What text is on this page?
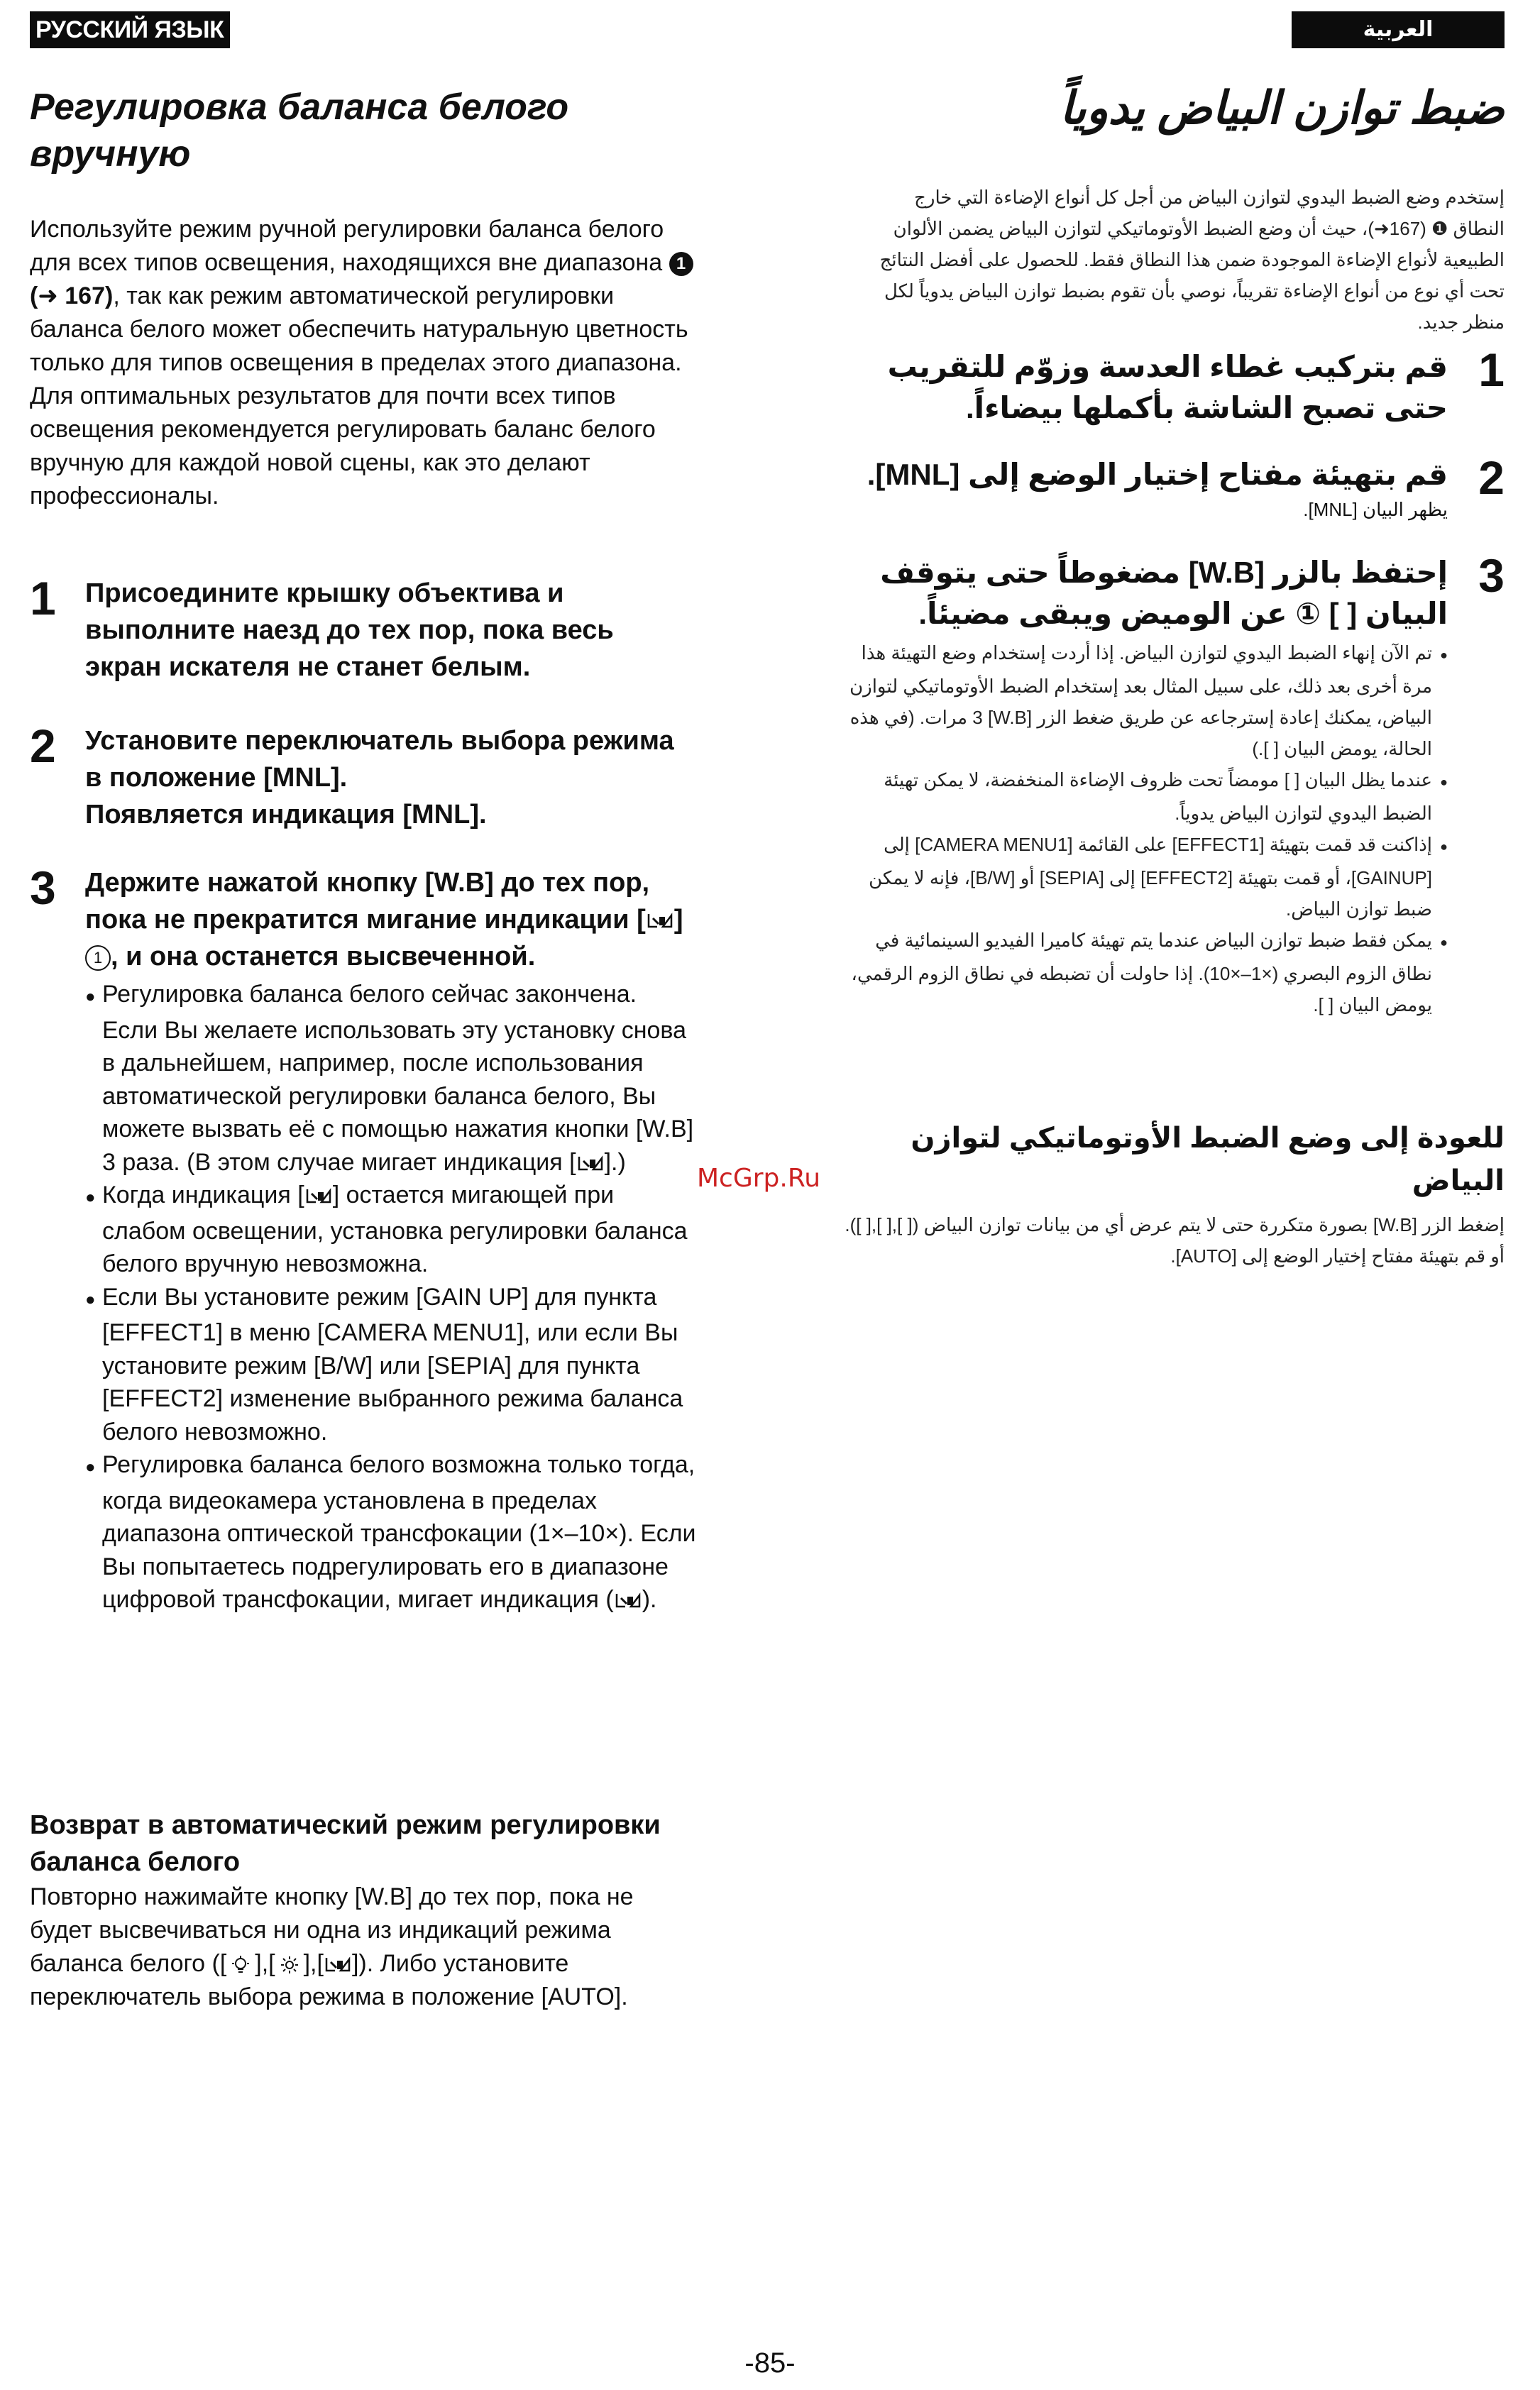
РУССКИЙ ЯЗЫК	العربية
Регулировка баланса белого вручную

Используйте режим ручной регулировки баланса белого для всех типов освещения, находящихся вне диапазона 1 (➜ 167), так как режим автоматической регулировки баланса белого может обеспечить натуральную цветность только для типов освещения в пределах этого диапазона. Для оптимальных результатов для почти всех типов освещения рекомендуется регулировать баланс белого вручную для каждой новой сцены, как это делают профессионалы.

1 Присоедините крышку объектива и выполните наезд до тех пор, пока весь экран искателя не станет белым.
2 Установите переключатель выбора режима в положение [MNL].
Появляется индикация [MNL].
3 Держите нажатой кнопку [W.B] до тех пор, пока не прекратится мигание индикации [ ] 1 , и она останется высвеченной.
● Регулировка баланса белого сейчас закончена. Если Вы желаете использовать эту установку снова в дальнейшем, например, после использования автоматической регулировки баланса белого, Вы можете вызвать её с помощью нажатия кнопки [W.B] 3 раза. (В этом случае мигает индикация [ ].)
● Когда индикация [ ] остается мигающей при слабом освещении, установка регулировки баланса белого вручную невозможна.
● Если Вы установите режим [GAIN UP] для пункта [EFFECT1] в меню [CAMERA MENU1], или если Вы установите режим [B/W] или [SEPIA] для пункта [EFFECT2] изменение выбранного режима баланса белого невозможно.
● Регулировка баланса белого возможна только тогда, когда видеокамера установлена в пределах диапазона оптической трансфокации (1×–10×). Если Вы попытаетесь подрегулировать его в диапазоне цифровой трансфокации, мигает индикация ( ).
Возврат в автоматический режим регулировки баланса белого

Повторно нажимайте кнопку [W.B] до тех пор, пока не будет высвечиваться ни одна из индикаций режима баланса белого ([ ],[ ],[ ]). Либо установите переключатель выбора режима в положение [AUTO].

ضبط توازن البياض يدوياً

إستخدم وضع الضبط اليدوي لتوازن البياض من أجل كل أنواع الإضاءة التي خارج النطاق ❶ (167➜)، حيث أن وضع الضبط الأوتوماتيكي لتوازن البياض يضمن الألوان الطبيعية لأنواع الإضاءة الموجودة ضمن هذا النطاق فقط. للحصول على أفضل النتائج تحت أي نوع من أنواع الإضاءة تقريباً، نوصي بأن تقوم بضبط توازن البياض يدوياً لكل منظر جديد.

1
قم بتركيب غطاء العدسة وزوّم للتقريب حتى تصبح الشاشة بأكملها بيضاءاً.
2
قم بتهيئة مفتاح إختيار الوضع إلى [MNL].
يظهر البيان [MNL].
3
إحتفظ بالزر [W.B] مضغوطاً حتى يتوقف البيان [ ] ① عن الوميض ويبقى مضيئاً.
● تم الآن إنهاء الضبط اليدوي لتوازن البياض. إذا أردت إستخدام وضع التهيئة هذا مرة أخرى بعد ذلك، على سبيل المثال بعد إستخدام الضبط الأوتوماتيكي لتوازن البياض، يمكنك إعادة إسترجاعه عن طريق ضغط الزر [W.B] 3 مرات. (في هذه الحالة، يومض البيان [ ].)
● عندما يظل البيان [ ] مومضاً تحت ظروف الإضاءة المنخفضة، لا يمكن تهيئة الضبط اليدوي لتوازن البياض يدوياً.
● إذاكنت قد قمت بتهيئة [EFFECT1] على القائمة [CAMERA MENU1] إلى [GAINUP]، أو قمت بتهيئة [EFFECT2] إلى [SEPIA] أو [B/W]، فإنه لا يمكن ضبط توازن البياض.
● يمكن فقط ضبط توازن البياض عندما يتم تهيئة كاميرا الفيديو السينمائية في نطاق الزوم البصري (×1–×10). إذا حاولت أن تضبطه في نطاق الزوم الرقمي، يومض البيان [ ].
للعودة إلى وضع الضبط الأوتوماتيكي لتوازن البياض

إضغط الزر [W.B] بصورة متكررة حتى لا يتم عرض أي من بيانات توازن البياض ([ ],[ ],[ ]). أو قم بتهيئة مفتاح إختيار الوضع إلى [AUTO].

McGrp.Ru
-85-
